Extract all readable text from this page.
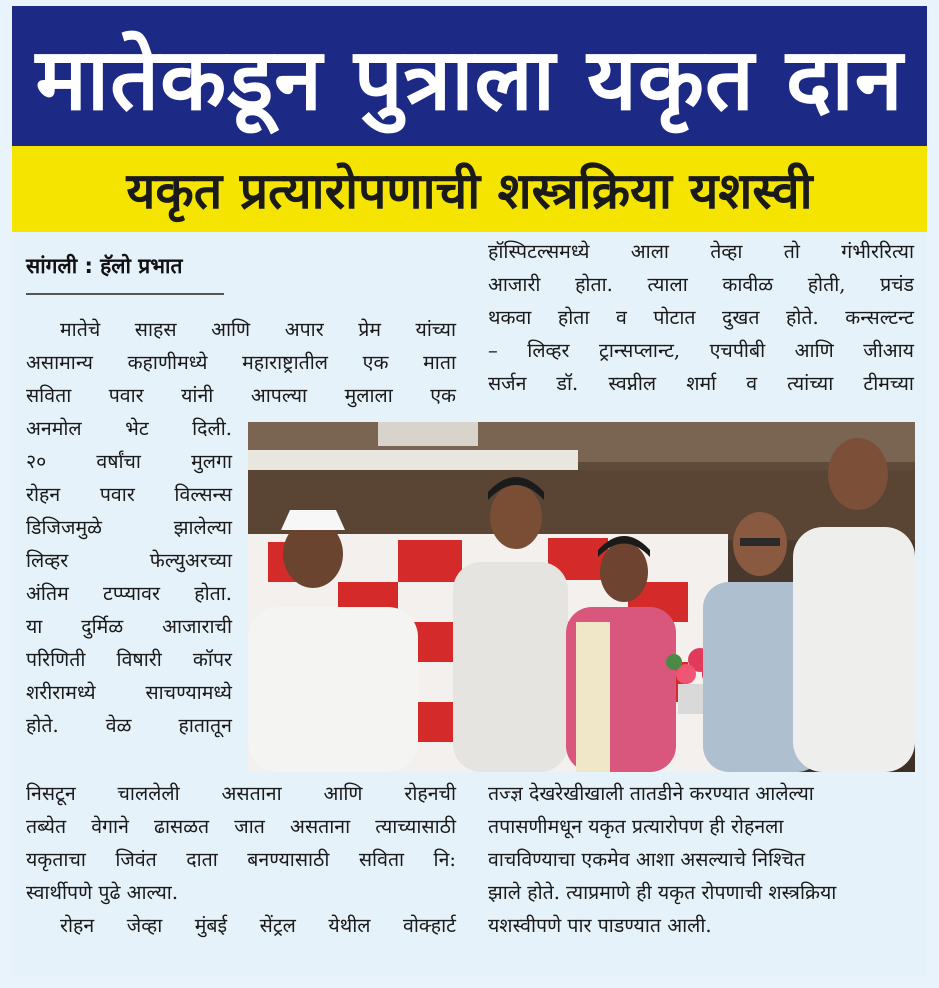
मातेकडून पुत्राला यकृत दान
यकृत प्रत्यारोपणाची शस्त्रक्रिया यशस्वी
सांगली : हॅलो प्रभात

मातेचे साहस आणि अपार प्रेम यांच्या
असामान्य कहाणीमध्ये महाराष्ट्रातील एक माता
सविता पवार यांनी आपल्या मुलाला एक

अनमोल भेट दिली.
२० वर्षांचा मुलगा
रोहन पवार विल्सन्स
डिजिजमुळे झालेल्या
लिव्हर फेल्युअरच्या
अंतिम टप्प्यावर होता.
या दुर्मिळ आजाराची
परिणिती विषारी कॉपर
शरीरामध्ये साचण्यामध्ये
होते. वेळ हातातून

निसटून चाललेली असताना आणि रोहनची
तब्येत वेगाने ढासळत जात असताना त्याच्यासाठी
यकृताचा जिवंत दाता बनण्यासाठी सविता नि:
स्वार्थीपणे पुढे आल्या.
रोहन जेव्हा मुंबई सेंट्रल येथील वोक्हार्ट

हॉस्पिटल्समध्ये आला तेव्हा तो गंभीररित्या
आजारी होता. त्याला कावीळ होती, प्रचंड
थकवा होता व पोटात दुखत होते. कन्सल्टन्ट
– लिव्हर ट्रान्सप्लान्ट, एचपीबी आणि जीआय
सर्जन डॉ. स्वप्नील शर्मा व त्यांच्या टीमच्या

तज्ज्ञ देखरेखीखाली तातडीने करण्यात आलेल्या
तपासणीमधून यकृत प्रत्यारोपण ही रोहनला
वाचविण्याचा एकमेव आशा असल्याचे निश्चित
झाले होते. त्याप्रमाणे ही यकृत रोपणाची शस्त्रक्रिया
यशस्वीपणे पार पाडण्यात आली.
